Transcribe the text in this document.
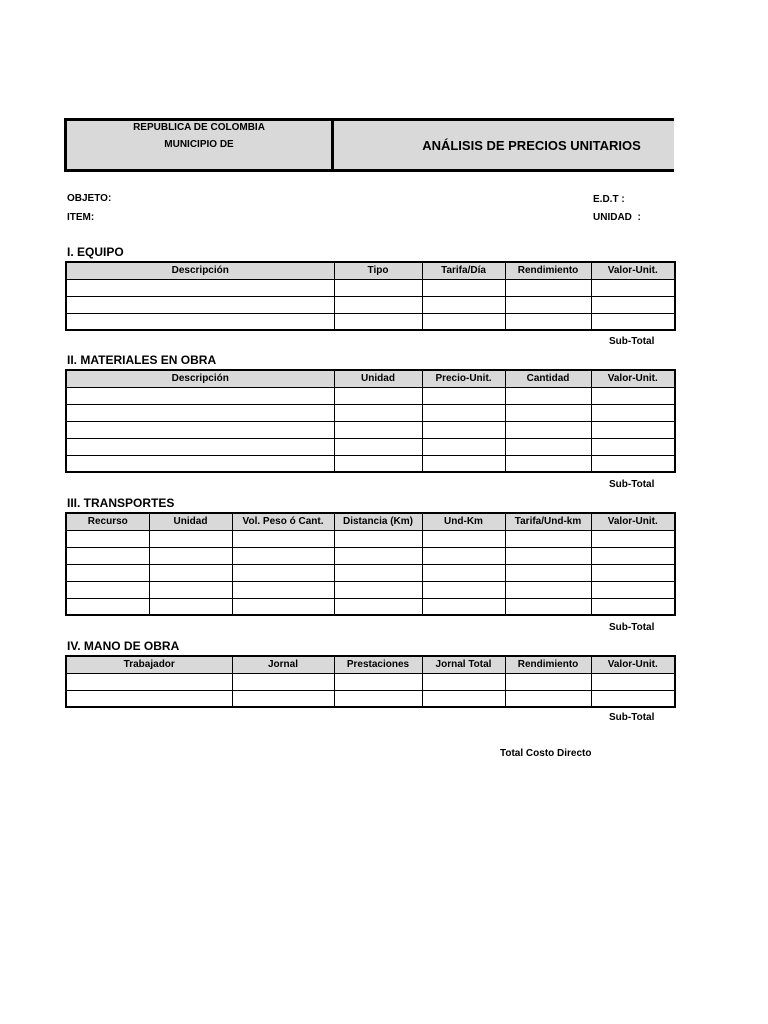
REPUBLICA DE COLOMBIA
MUNICIPIO DE	ANÁLISIS DE PRECIOS UNITARIOS
OBJETO:
ITEM:
E.D.T :
UNIDAD  :
I. EQUIPO
Descripción	Tipo	Tarifa/Día	Rendimiento	Valor-Unit.

Sub-Total
II. MATERIALES EN OBRA
Descripción	Unidad	Precio-Unit.	Cantidad	Valor-Unit.

Sub-Total
III. TRANSPORTES
Recurso	Unidad	Vol. Peso ó Cant.	Distancia (Km)	Und-Km	Tarifa/Und-km	Valor-Unit.

Sub-Total
IV. MANO DE OBRA
Trabajador	Jornal	Prestaciones	Jornal Total	Rendimiento	Valor-Unit.

Sub-Total
Total Costo Directo
